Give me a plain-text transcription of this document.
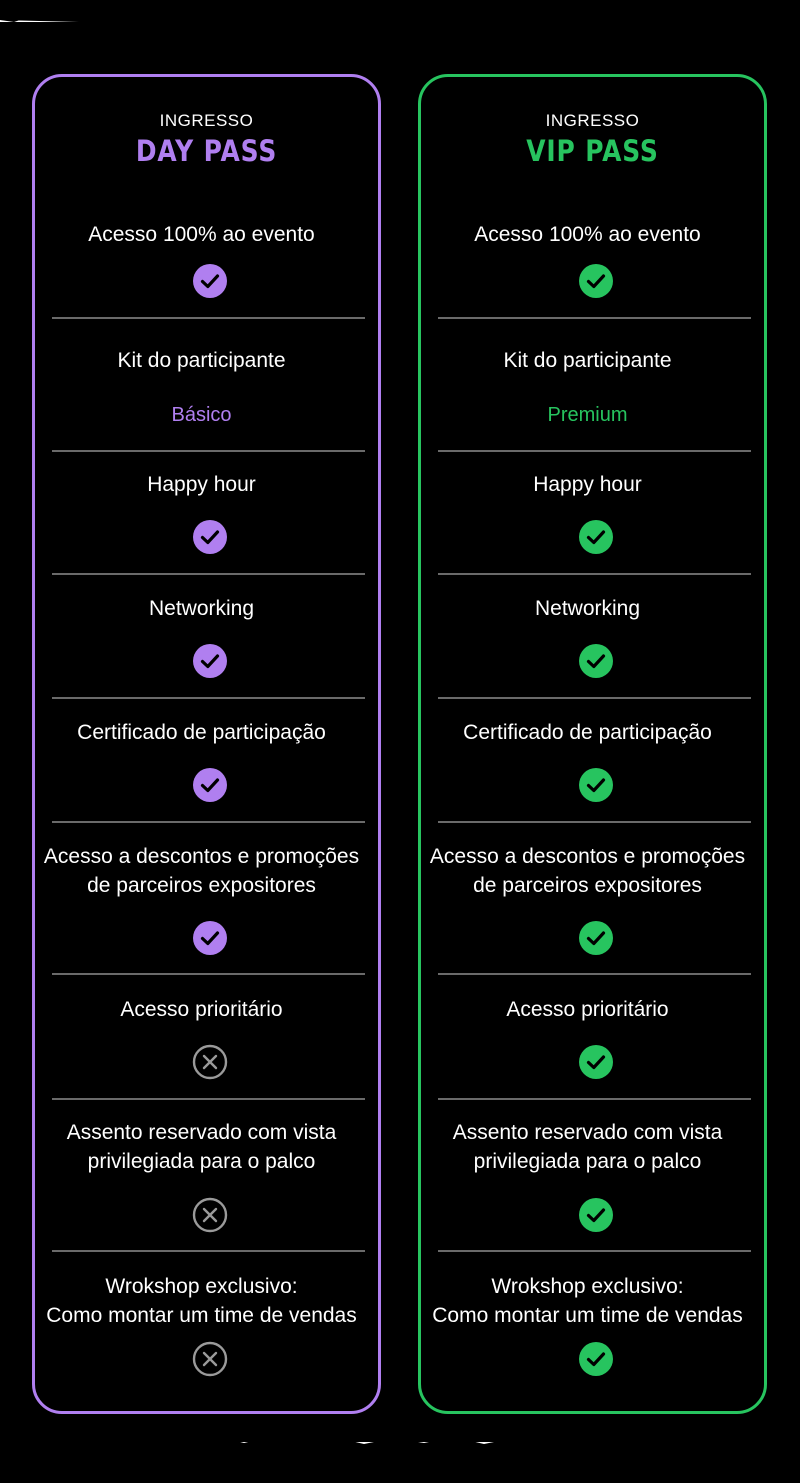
INGRESSO
DAY PASS
Acesso 100% ao evento
Kit do participante
Básico
Happy hour
Networking
Certificado de participação
Acesso a descontos e promoções
de parceiros expositores
Acesso prioritário
Assento reservado com vista
privilegiada para o palco
Wrokshop exclusivo:
Como montar um time de vendas
INGRESSO
VIP PASS
Acesso 100% ao evento
Kit do participante
Premium
Happy hour
Networking
Certificado de participação
Acesso a descontos e promoções
de parceiros expositores
Acesso prioritário
Assento reservado com vista
privilegiada para o palco
Wrokshop exclusivo:
Como montar um time de vendas
